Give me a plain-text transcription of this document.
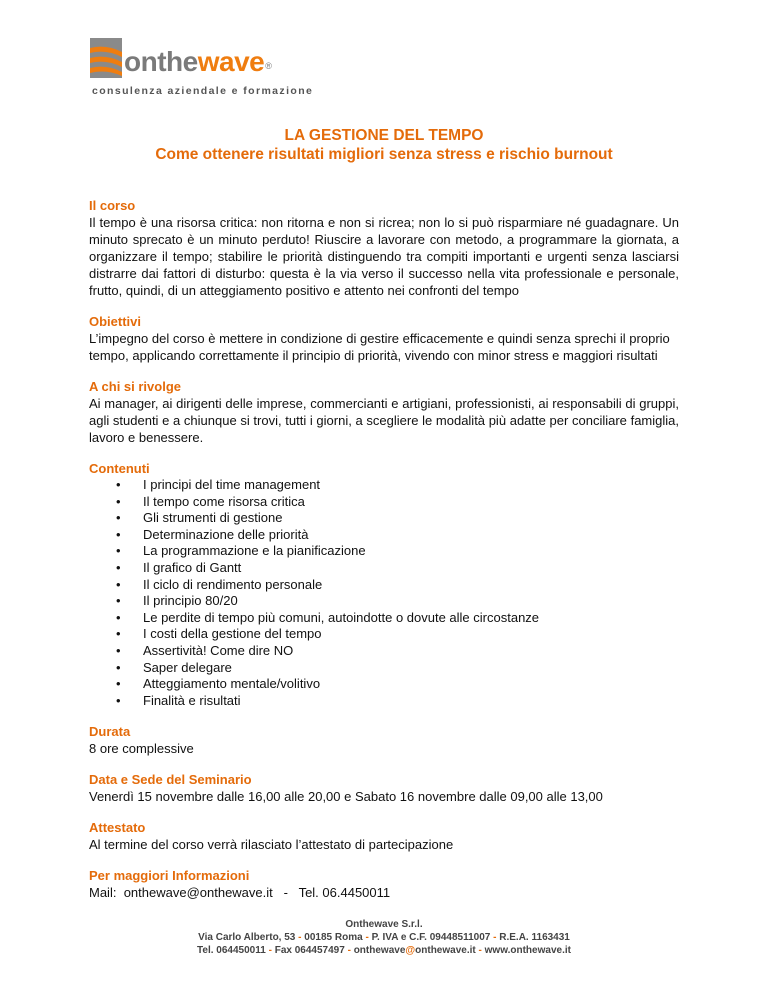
onthewave®
consulenza aziendale e formazione
LA GESTIONE DEL TEMPO
Come ottenere risultati migliori senza stress e rischio burnout
Il corso
Il tempo è una risorsa critica: non ritorna e non si ricrea; non lo si può risparmiare né guadagnare. Un minuto sprecato è un minuto perduto! Riuscire a lavorare con metodo, a programmare la giornata, a organizzare il tempo; stabilire le priorità distinguendo tra compiti importanti e urgenti senza lasciarsi distrarre dai fattori di disturbo: questa è la via verso il successo nella vita professionale e personale, frutto, quindi, di un atteggiamento positivo e attento nei confronti del tempo
Obiettivi
L’impegno del corso è mettere in condizione di gestire efficacemente e quindi senza sprechi il proprio tempo, applicando correttamente il principio di priorità, vivendo con minor stress e maggiori risultati
A chi si rivolge
Ai manager, ai dirigenti delle imprese, commercianti e artigiani, professionisti, ai responsabili di gruppi, agli studenti e a chiunque si trovi, tutti i giorni, a scegliere le modalità più adatte per conciliare famiglia, lavoro e benessere.
Contenuti
• I principi del time management
• Il tempo come risorsa critica
• Gli strumenti di gestione
• Determinazione delle priorità
• La programmazione e la pianificazione
• Il grafico di Gantt
• Il ciclo di rendimento personale
• Il principio 80/20
• Le perdite di tempo più comuni, autoindotte o dovute alle circostanze
• I costi della gestione del tempo
• Assertività! Come dire NO
• Saper delegare
• Atteggiamento mentale/volitivo
• Finalità e risultati
Durata
8 ore complessive
Data e Sede del Seminario
Venerdì 15 novembre dalle 16,00 alle 20,00 e Sabato 16 novembre dalle 09,00 alle 13,00
Attestato
Al termine del corso verrà rilasciato l’attestato di partecipazione
Per maggiori Informazioni
Mail: onthewave@onthewave.it - Tel. 06.4450011
Onthewave S.r.l.
Via Carlo Alberto, 53 - 00185 Roma - P. IVA e C.F. 09448511007 - R.E.A. 1163431
Tel. 064450011 - Fax 064457497 - onthewave@onthewave.it - www.onthewave.it
